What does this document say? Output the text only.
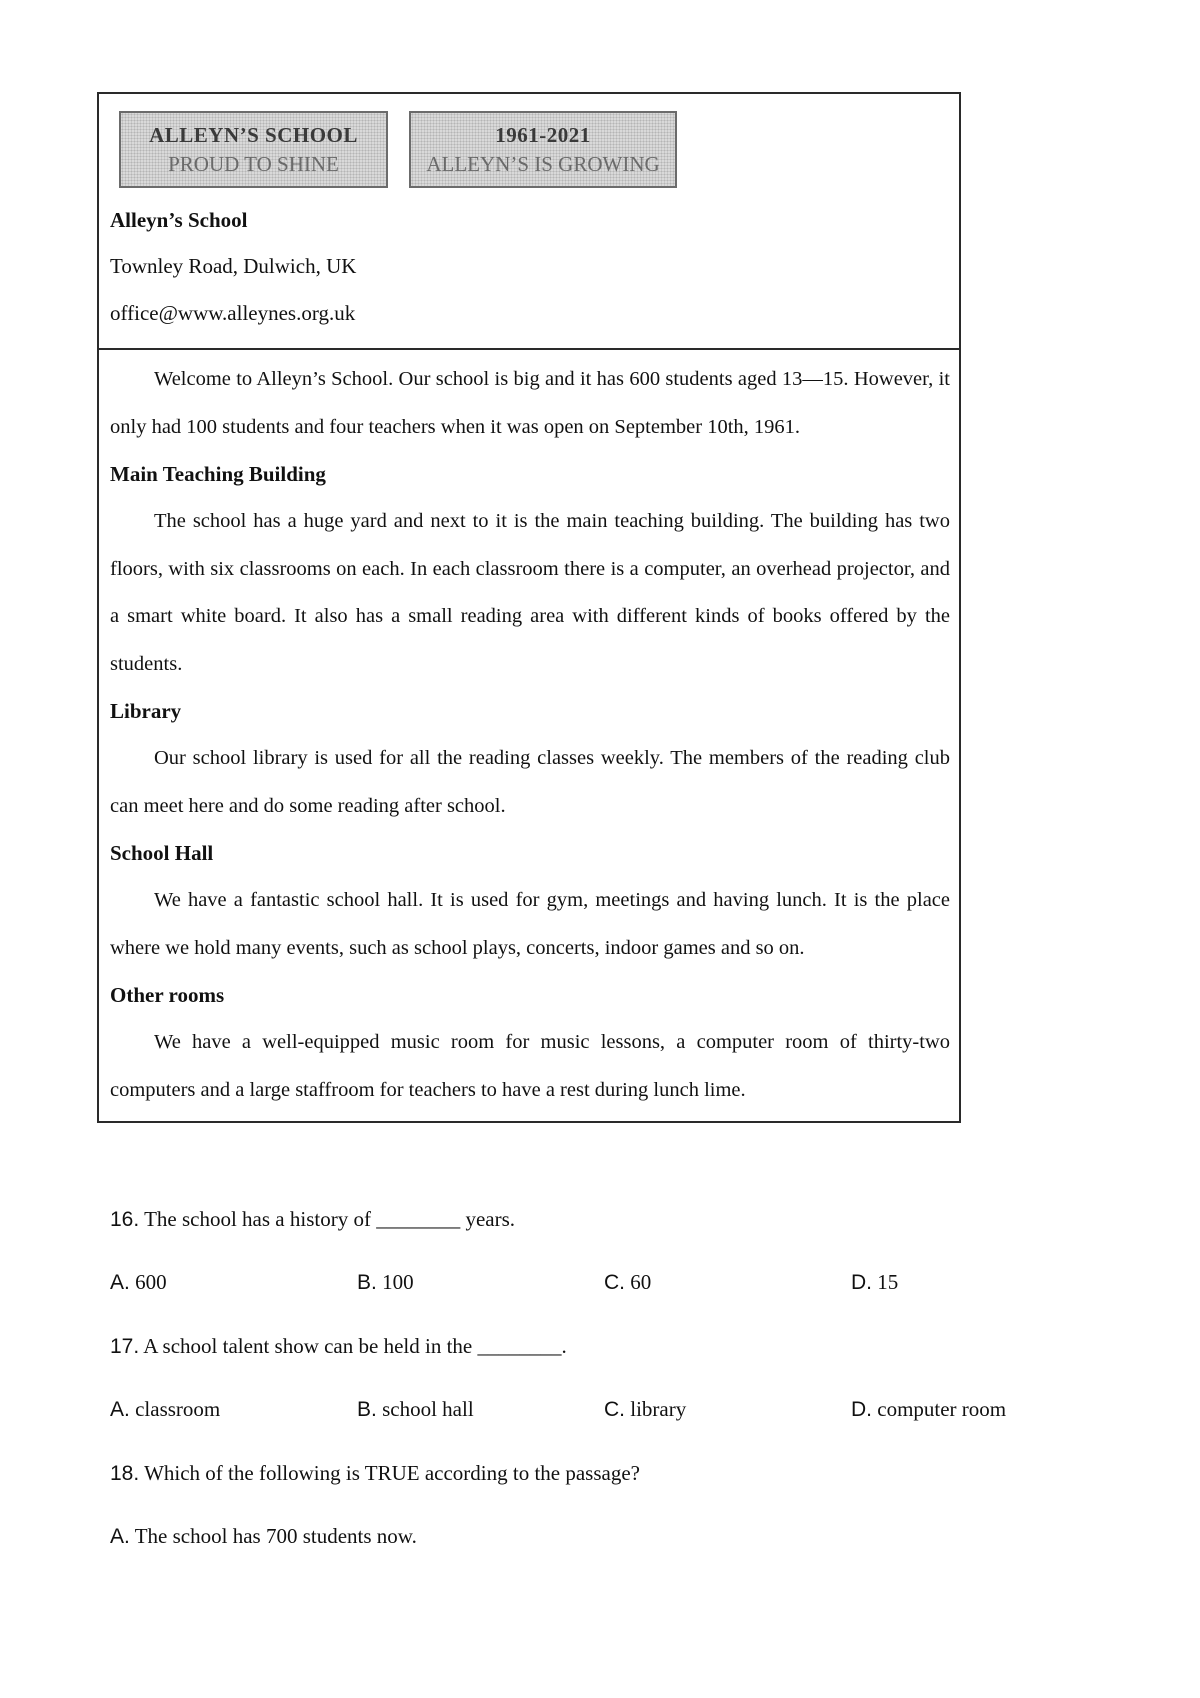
ALLEYN’S SCHOOL
PROUD TO SHINE
1961-2021
ALLEYN’S IS GROWING
Alleyn’s School
Townley Road, Dulwich, UK
office@www.alleynes.org.uk
Welcome to Alleyn’s School. Our school is big and it has 600 students aged 13—15. However, it only had 100 students and four teachers when it was open on September 10th, 1961.
Main Teaching Building
The school has a huge yard and next to it is the main teaching building. The building has two floors, with six classrooms on each. In each classroom there is a computer, an overhead projector, and a smart white board. It also has a small reading area with different kinds of books offered by the students.
Library
Our school library is used for all the reading classes weekly. The members of the reading club can meet here and do some reading after school.
School Hall
We have a fantastic school hall. It is used for gym, meetings and having lunch. It is the place where we hold many events, such as school plays, concerts, indoor games and so on.
Other rooms
We have a well-equipped music room for music lessons, a computer room of thirty-two computers and a large staffroom for teachers to have a rest during lunch lime.
16. The school has a history of ________ years.
A. 600	B. 100	C. 60	D. 15
17. A school talent show can be held in the ________.
A. classroom	B. school hall	C. library	D. computer room
18. Which of the following is TRUE according to the passage?
A. The school has 700 students now.
